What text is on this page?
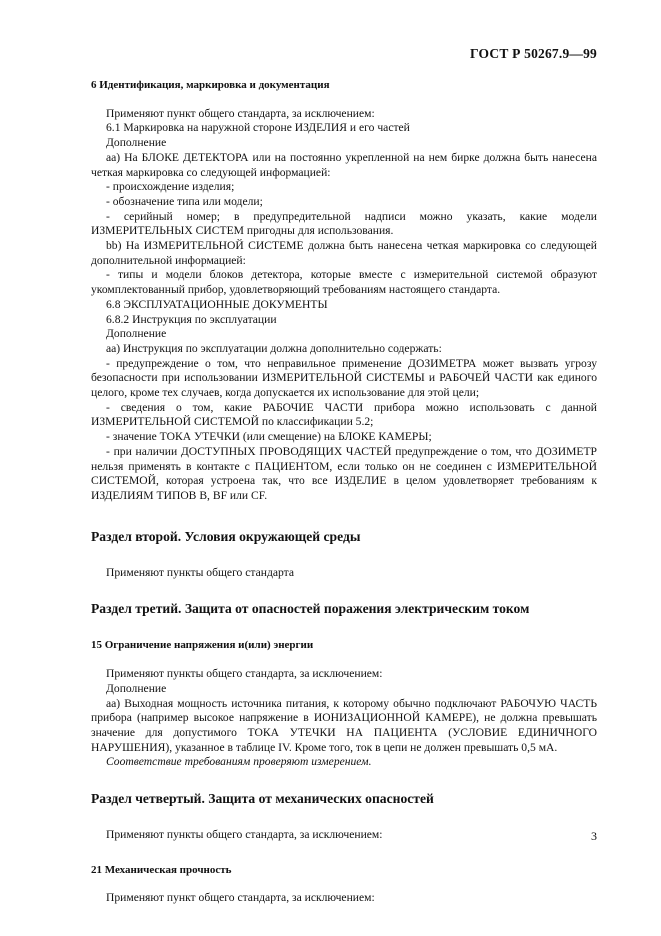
ГОСТ Р 50267.9—99

6 Идентификация, маркировка и документация

Применяют пункт общего стандарта, за исключением:

6.1 Маркировка на наружной стороне ИЗДЕЛИЯ и его частей

Дополнение

аа) На БЛОКЕ ДЕТЕКТОРА или на постоянно укрепленной на нем бирке должна быть нанесена четкая маркировка со следующей информацией:

- происхождение изделия;

- обозначение типа или модели;

- серийный номер; в предупредительной надписи можно указать, какие модели ИЗМЕРИТЕЛЬНЫХ СИСТЕМ пригодны для использования.

bb) На ИЗМЕРИТЕЛЬНОЙ СИСТЕМЕ должна быть нанесена четкая маркировка со следующей дополнительной информацией:

- типы и модели блоков детектора, которые вместе с измерительной системой образуют укомплектованный прибор, удовлетворяющий требованиям настоящего стандарта.

6.8 ЭКСПЛУАТАЦИОННЫЕ ДОКУМЕНТЫ

6.8.2 Инструкция по эксплуатации

Дополнение

аа) Инструкция по эксплуатации должна дополнительно содержать:

- предупреждение о том, что неправильное применение ДОЗИМЕТРА может вызвать угрозу безопасности при использовании ИЗМЕРИТЕЛЬНОЙ СИСТЕМЫ и РАБОЧЕЙ ЧАСТИ как единого целого, кроме тех случаев, когда допускается их использование для этой цели;

- сведения о том, какие РАБОЧИЕ ЧАСТИ прибора можно использовать с данной ИЗМЕРИТЕЛЬНОЙ СИСТЕМОЙ по классификации 5.2;

- значение ТОКА УТЕЧКИ (или смещение) на БЛОКЕ КАМЕРЫ;

- при наличии ДОСТУПНЫХ ПРОВОДЯЩИХ ЧАСТЕЙ предупреждение о том, что ДОЗИМЕТР нельзя применять в контакте с ПАЦИЕНТОМ, если только он не соединен с ИЗМЕРИТЕЛЬНОЙ СИСТЕМОЙ, которая устроена так, что все ИЗДЕЛИЕ в целом удовлетворяет требованиям к ИЗДЕЛИЯМ ТИПОВ В, BF или CF.

Раздел второй. Условия окружающей среды

Применяют пункты общего стандарта

Раздел третий. Защита от опасностей поражения электрическим током

15 Ограничение напряжения и(или) энергии

Применяют пункты общего стандарта, за исключением:

Дополнение

аа) Выходная мощность источника питания, к которому обычно подключают РАБОЧУЮ ЧАСТЬ прибора (например высокое напряжение в ИОНИЗАЦИОННОЙ КАМЕРЕ), не должна превышать значение для допустимого ТОКА УТЕЧКИ НА ПАЦИЕНТА (УСЛОВИЕ ЕДИНИЧНОГО НАРУШЕНИЯ), указанное в таблице IV. Кроме того, ток в цепи не должен превышать 0,5 мА.

Соответствие требованиям проверяют измерением.

Раздел четвертый. Защита от механических опасностей

Применяют пункты общего стандарта, за исключением:

21 Механическая прочность

Применяют пункт общего стандарта, за исключением:

3
